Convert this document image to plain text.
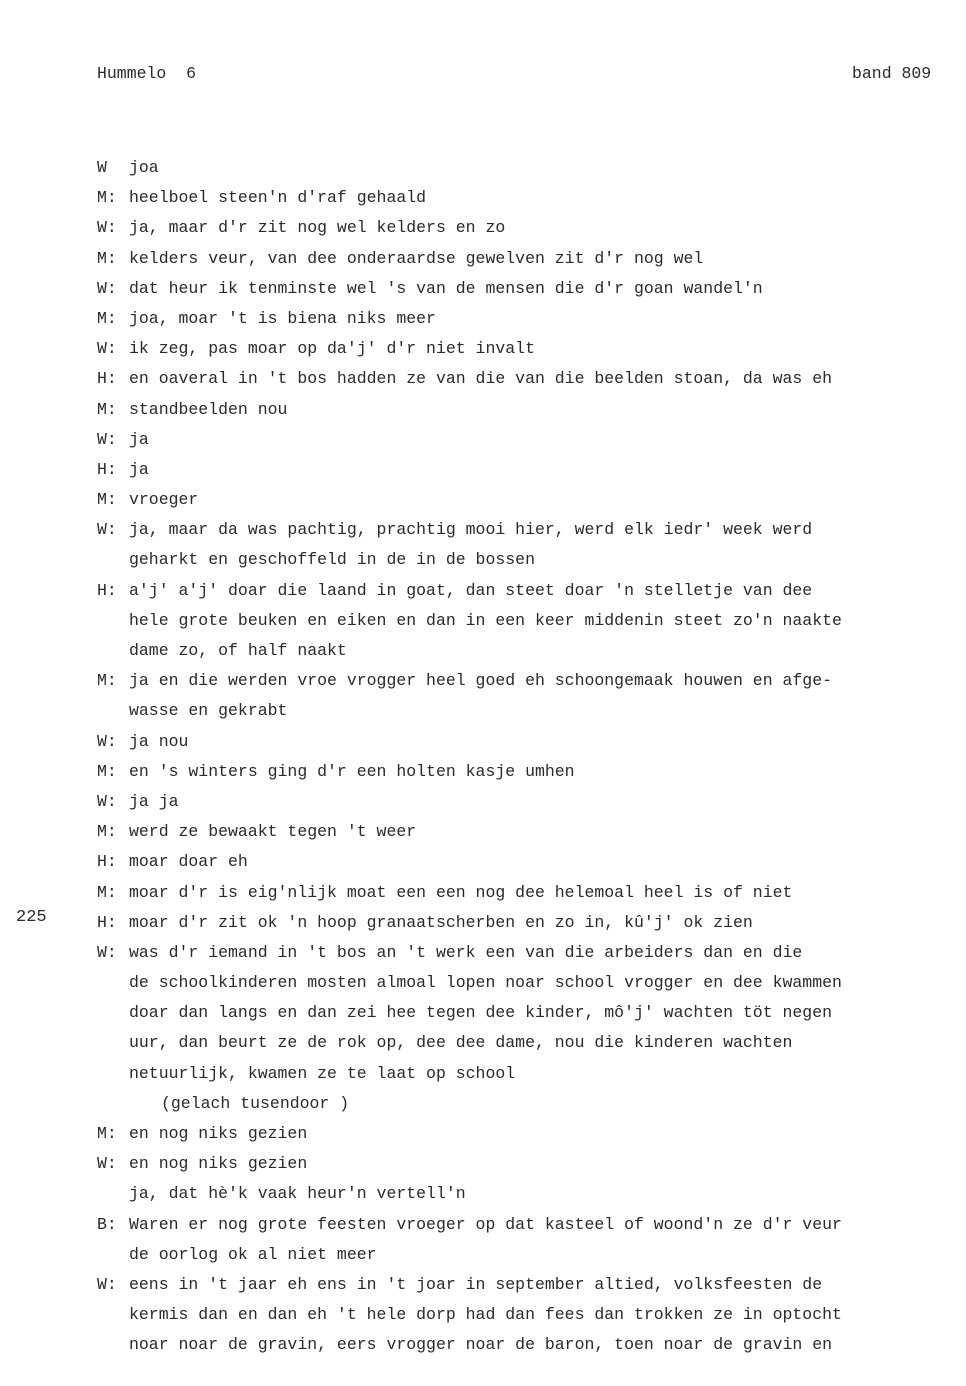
Hummelo  6	band 809
225
W joa
M: heelboel steen'n d'raf gehaald
W: ja, maar d'r zit nog wel kelders en zo
M: kelders veur, van dee onderaardse gewelven zit d'r nog wel
W: dat heur ik tenminste wel 's van de mensen die d'r goan wandel'n
M: joa, moar 't is biena niks meer
W: ik zeg, pas moar op da'j' d'r niet invalt
H: en oaveral in 't bos hadden ze van die van die beelden stoan, da was eh
M: standbeelden nou
W: ja
H: ja
M: vroeger
W: ja, maar da was pachtig, prachtig mooi hier, werd elk iedr' week werd
geharkt en geschoffeld in de in de bossen
H: a'j' a'j' doar die laand in goat, dan steet doar 'n stelletje van dee
hele grote beuken en eiken en dan in een keer middenin steet zo'n naakte
dame zo, of half naakt
M: ja en die werden vroe vrogger heel goed eh schoongemaak houwen en afge-
wasse en gekrabt
W: ja nou
M: en 's winters ging d'r een holten kasje umhen
W: ja ja
M: werd ze bewaakt tegen 't weer
H: moar doar eh
M: moar d'r is eig'nlijk moat een een nog dee helemoal heel is of niet
H: moar d'r zit ok 'n hoop granaatscherben en zo in, kû'j' ok zien
W: was d'r iemand in 't bos an 't werk een van die arbeiders dan en die
de schoolkinderen mosten almoal lopen noar school vrogger en dee kwammen
doar dan langs en dan zei hee tegen dee kinder, mô'j' wachten töt negen
uur, dan beurt ze de rok op, dee dee dame, nou die kinderen wachten
netuurlijk, kwamen ze te laat op school
(gelach tusendoor )
M: en nog niks gezien
W: en nog niks gezien
ja, dat hè'k vaak heur'n vertell'n
B: Waren er nog grote feesten vroeger op dat kasteel of woond'n ze d'r veur
de oorlog ok al niet meer
W: eens in 't jaar eh ens in 't joar in september altied, volksfeesten de
kermis dan en dan eh 't hele dorp had dan fees dan trokken ze in optocht
noar noar de gravin, eers vrogger noar de baron, toen noar de gravin en
